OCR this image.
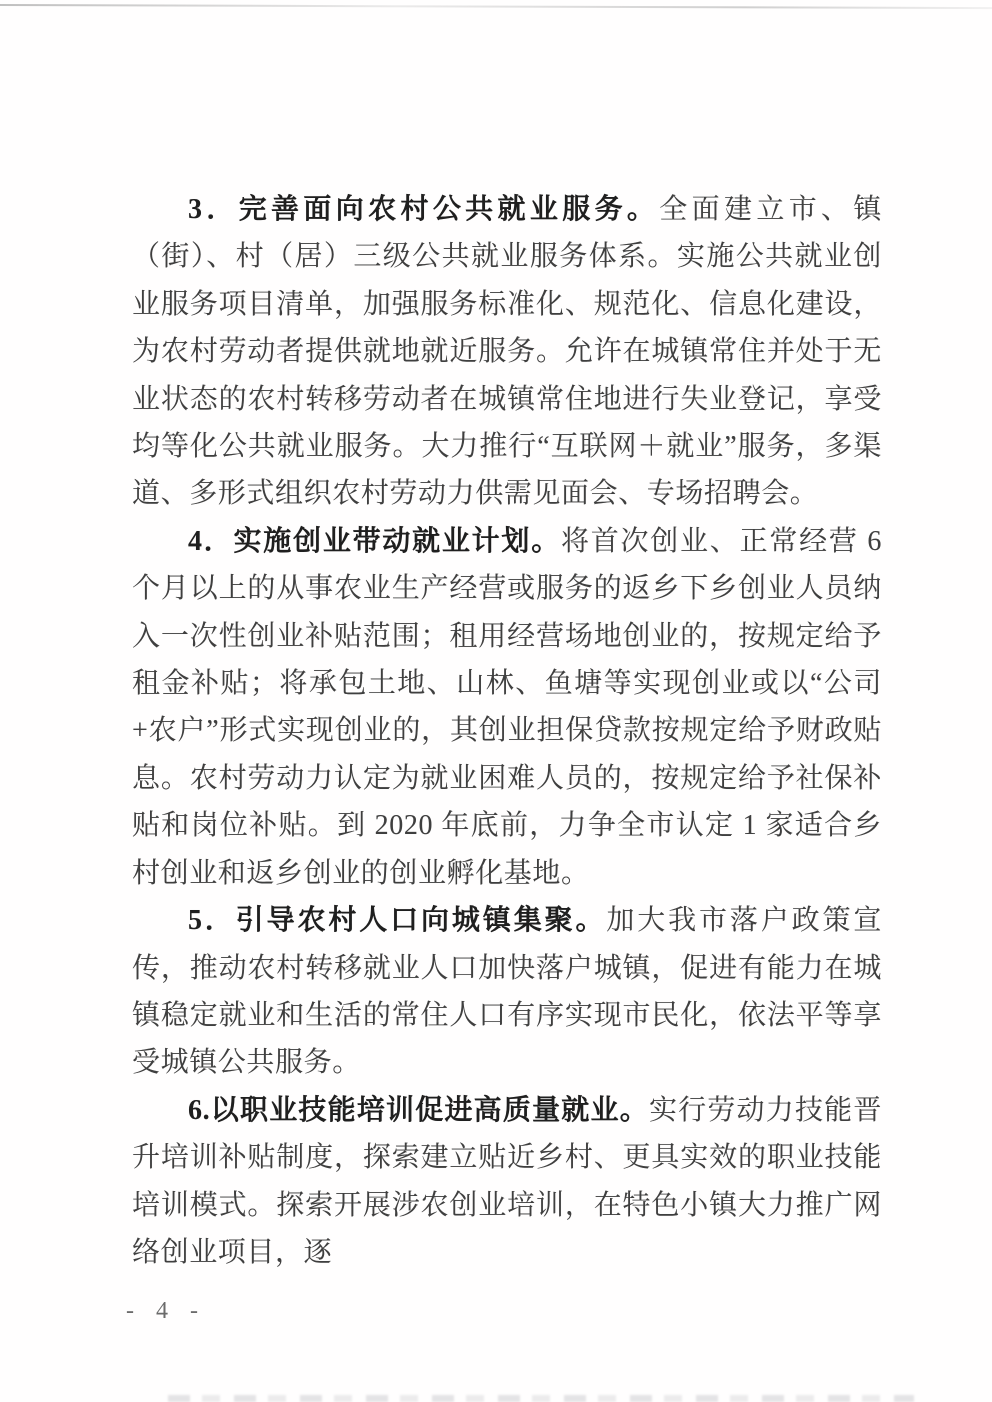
3．完善面向农村公共就业服务。全面建立市、镇（街）、村（居）三级公共就业服务体系。实施公共就业创业服务项目清单，加强服务标准化、规范化、信息化建设，为农村劳动者提供就地就近服务。允许在城镇常住并处于无业状态的农村转移劳动者在城镇常住地进行失业登记，享受均等化公共就业服务。大力推行“互联网＋就业”服务，多渠道、多形式组织农村劳动力供需见面会、专场招聘会。

4．实施创业带动就业计划。将首次创业、正常经营 6 个月以上的从事农业生产经营或服务的返乡下乡创业人员纳入一次性创业补贴范围；租用经营场地创业的，按规定给予租金补贴；将承包土地、山林、鱼塘等实现创业或以“公司+农户”形式实现创业的，其创业担保贷款按规定给予财政贴息。农村劳动力认定为就业困难人员的，按规定给予社保补贴和岗位补贴。到 2020 年底前，力争全市认定 1 家适合乡村创业和返乡创业的创业孵化基地。

5．引导农村人口向城镇集聚。加大我市落户政策宣传，推动农村转移就业人口加快落户城镇，促进有能力在城镇稳定就业和生活的常住人口有序实现市民化，依法平等享受城镇公共服务。

6.以职业技能培训促进高质量就业。实行劳动力技能晋升培训补贴制度，探索建立贴近乡村、更具实效的职业技能培训模式。探索开展涉农创业培训，在特色小镇大力推广网络创业项目，逐

- 4 -
